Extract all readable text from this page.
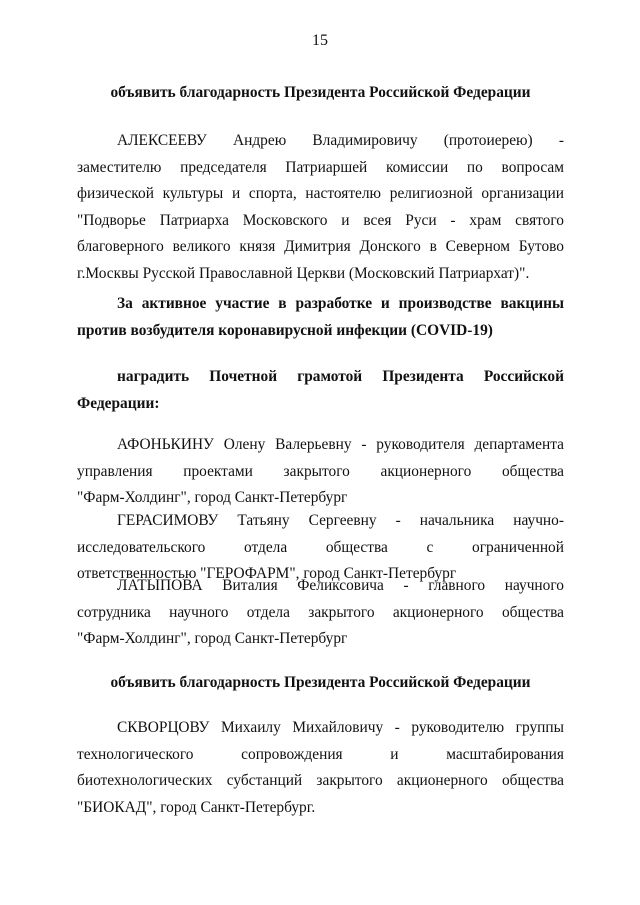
15
объявить благодарность Президента Российской Федерации
АЛЕКСЕЕВУ Андрею Владимировичу (протоиерею) -
заместителю председателя Патриаршей комиссии по вопросам
физической культуры и спорта, настоятелю религиозной организации
"Подворье Патриарха Московского и всея Руси - храм святого
благоверного великого князя Димитрия Донского в Северном Бутово
г.Москвы Русской Православной Церкви (Московский Патриархат)".
За активное участие в разработке и производстве вакцины
против возбудителя коронавирусной инфекции (COVID-19)
наградить Почетной грамотой Президента Российской
Федерации:
АФОНЬКИНУ Олену Валерьевну - руководителя департамента
управления проектами закрытого акционерного общества
"Фарм-Холдинг", город Санкт-Петербург
ГЕРАСИМОВУ Татьяну Сергеевну - начальника научно-
исследовательского отдела общества с ограниченной
ответственностью "ГЕРОФАРМ", город Санкт-Петербург
ЛАТЫПОВА Виталия Феликсовича - главного научного
сотрудника научного отдела закрытого акционерного общества
"Фарм-Холдинг", город Санкт-Петербург
объявить благодарность Президента Российской Федерации
СКВОРЦОВУ Михаилу Михайловичу - руководителю группы
технологического сопровождения и масштабирования
биотехнологических субстанций закрытого акционерного общества
"БИОКАД", город Санкт-Петербург.
